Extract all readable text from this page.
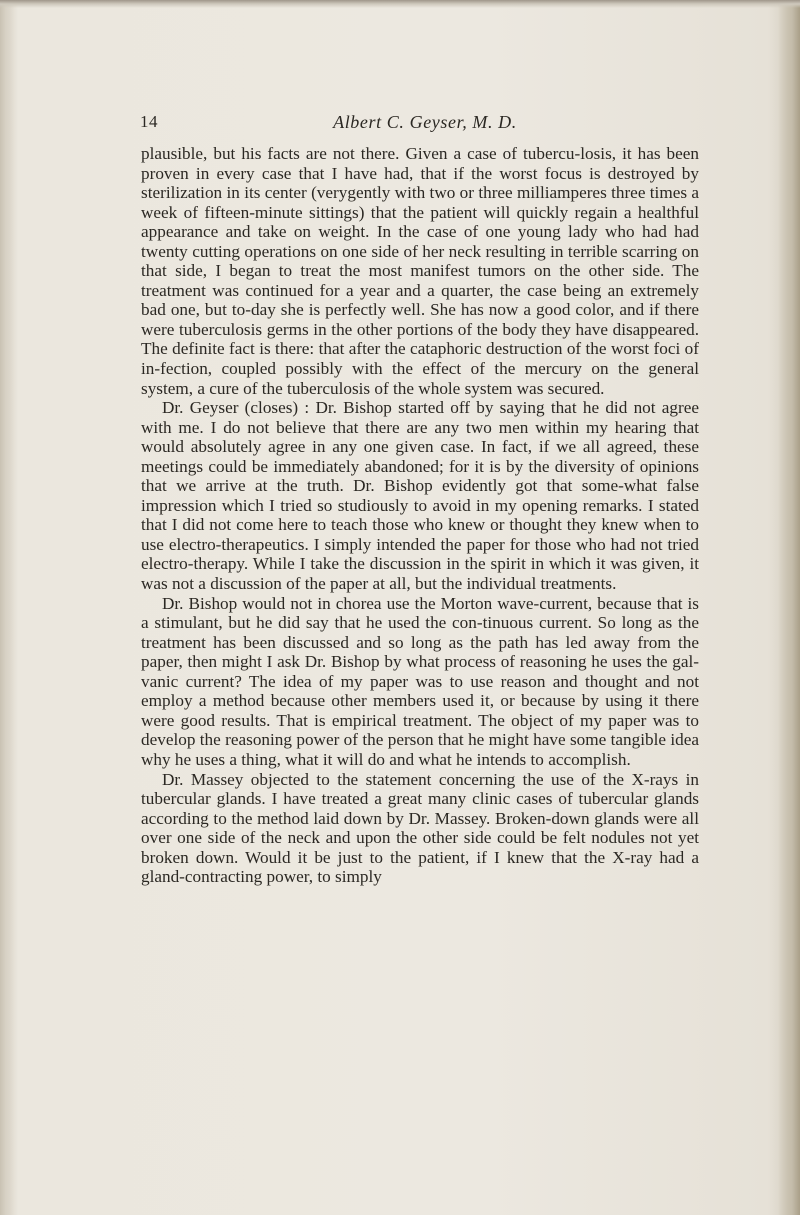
14	Albert C. Geyser, M. D.

plausible, but his facts are not there. Given a case of tubercu-losis, it has been proven in every case that I have had, that if the worst focus is destroyed by sterilization in its center (verygently with two or three milliamperes three times a week of fifteen-minute sittings) that the patient will quickly regain a healthful appearance and take on weight. In the case of one young lady who had had twenty cutting operations on one side of her neck resulting in terrible scarring on that side, I began to treat the most manifest tumors on the other side. The treatment was continued for a year and a quarter, the case being an extremely bad one, but to-day she is perfectly well. She has now a good color, and if there were tuberculosis germs in the other portions of the body they have disappeared. The definite fact is there: that after the cataphoric destruction of the worst foci of in-fection, coupled possibly with the effect of the mercury on the general system, a cure of the tuberculosis of the whole system was secured.

Dr. Geyser (closes) : Dr. Bishop started off by saying that he did not agree with me. I do not believe that there are any two men within my hearing that would absolutely agree in any one given case. In fact, if we all agreed, these meetings could be immediately abandoned; for it is by the diversity of opinions that we arrive at the truth. Dr. Bishop evidently got that some-what false impression which I tried so studiously to avoid in my opening remarks. I stated that I did not come here to teach those who knew or thought they knew when to use electro-therapeutics. I simply intended the paper for those who had not tried electro-therapy. While I take the discussion in the spirit in which it was given, it was not a discussion of the paper at all, but the individual treatments.

Dr. Bishop would not in chorea use the Morton wave-current, because that is a stimulant, but he did say that he used the con-tinuous current. So long as the treatment has been discussed and so long as the path has led away from the paper, then might I ask Dr. Bishop by what process of reasoning he uses the gal-vanic current? The idea of my paper was to use reason and thought and not employ a method because other members used it, or because by using it there were good results. That is empirical treatment. The object of my paper was to develop the reasoning power of the person that he might have some tangible idea why he uses a thing, what it will do and what he intends to accomplish.

Dr. Massey objected to the statement concerning the use of the X-rays in tubercular glands. I have treated a great many clinic cases of tubercular glands according to the method laid down by Dr. Massey. Broken-down glands were all over one side of the neck and upon the other side could be felt nodules not yet broken down. Would it be just to the patient, if I knew that the X-ray had a gland-contracting power, to simply
